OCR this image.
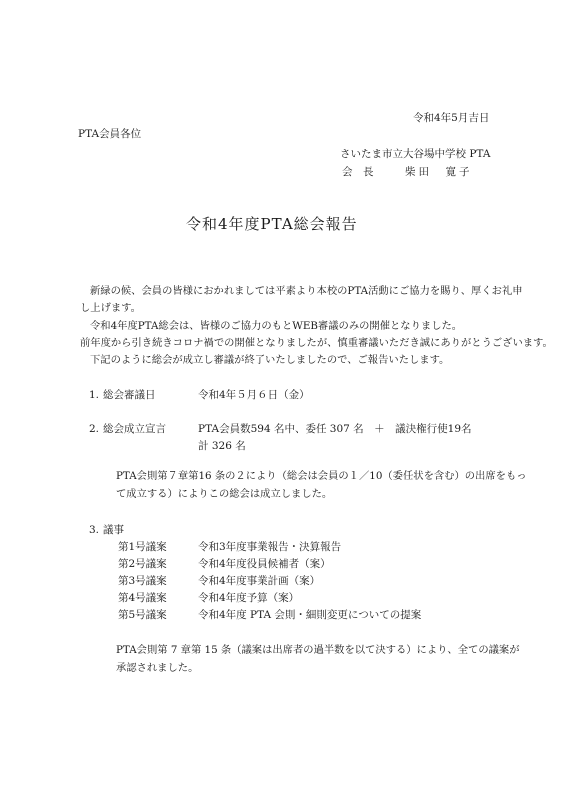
令和4年5月吉日
PTA会員各位
さいたま市立大谷場中学校 PTA
会　長	柴田　寛子
令和4年度PTA総会報告
新緑の候、会員の皆様におかれましては平素より本校のPTA活動にご協力を賜り、厚くお礼申
し上げます。
令和4年度PTA総会は、皆様のご協力のもとWEB審議のみの開催となりました。
前年度から引き続きコロナ禍での開催となりましたが、慎重審議いただき誠にありがとうございます。
下記のように総会が成立し審議が終了いたしましたので、ご報告いたします。
1. 総会審議日	令和4年５月６日（金）
2. 総会成立宣言	PTA会員数594 名中、委任 307 名　＋　議決権行使19名
計 326 名
PTA会則第７章第16 条の２により（総会は会員の１／10（委任状を含む）の出席をもっ
て成立する）によりこの総会は成立しました。
3. 議事
第1号議案	令和3年度事業報告・決算報告
第2号議案	令和4年度役員候補者（案）
第3号議案	令和4年度事業計画（案）
第4号議案	令和4年度予算（案）
第5号議案	令和4年度 PTA 会則・細則変更についての提案
PTA会則第 7 章第 15 条（議案は出席者の過半数を以て決する）により、全ての議案が
承認されました。
